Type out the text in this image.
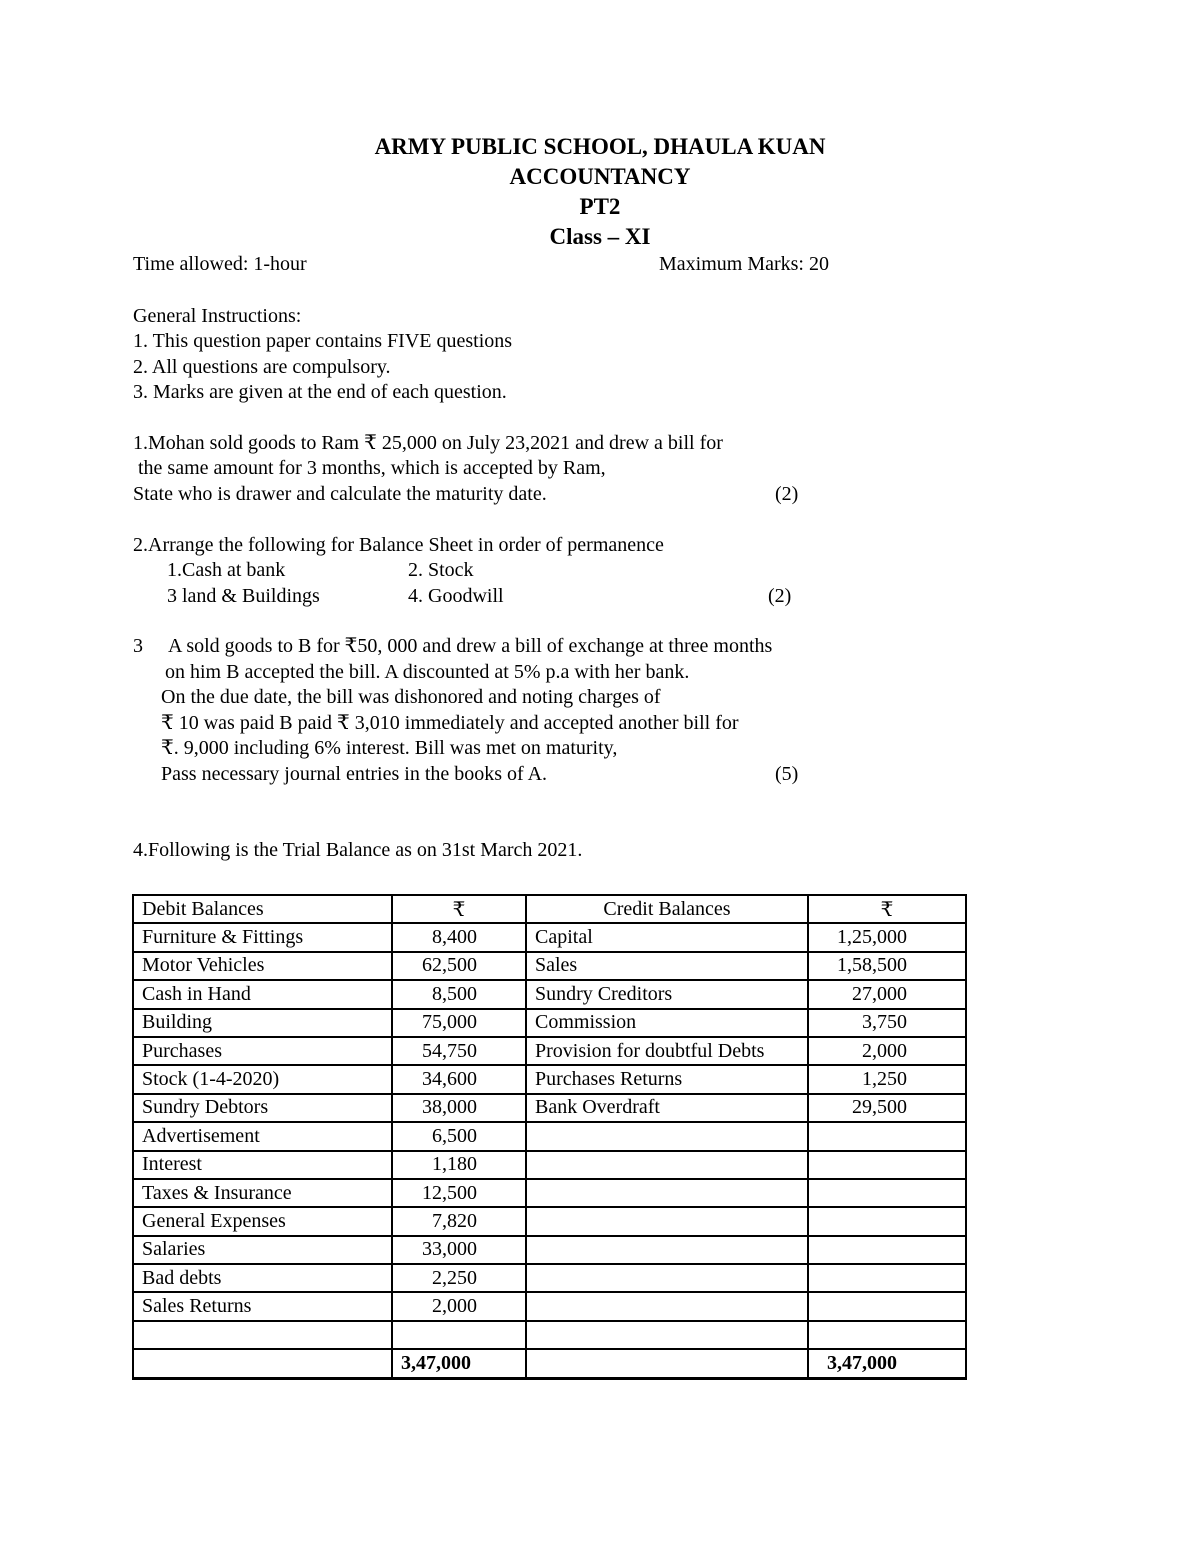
ARMY PUBLIC SCHOOL, DHAULA KUAN
ACCOUNTANCY
PT2
Class – XI
Time allowed: 1-hour	Maximum Marks: 20
General Instructions:
1. This question paper contains FIVE questions
2. All questions are compulsory.
3. Marks are given at the end of each question.
1.Mohan sold goods to Ram ₹ 25,000 on July 23,2021 and drew a bill for
the same amount for 3 months, which is accepted by Ram,
State who is drawer and calculate the maturity date.	(2)
2.Arrange the following for Balance Sheet in order of permanence
1.Cash at bank	2. Stock
3 land & Buildings	4. Goodwill	(2)
3 A sold goods to B for ₹50, 000 and drew a bill of exchange at three months
on him B accepted the bill. A discounted at 5% p.a with her bank.
On the due date, the bill was dishonored and noting charges of
₹ 10 was paid B paid ₹ 3,010 immediately and accepted another bill for
₹. 9,000 including 6% interest. Bill was met on maturity,
Pass necessary journal entries in the books of A.	(5)
4.Following is the Trial Balance as on 31st March 2021.
Debit Balances	₹	Credit Balances	₹
Furniture & Fittings	8,400	Capital	1,25,000
Motor Vehicles	62,500	Sales	1,58,500
Cash in Hand	8,500	Sundry Creditors	27,000
Building	75,000	Commission	3,750
Purchases	54,750	Provision for doubtful Debts	2,000
Stock (1-4-2020)	34,600	Purchases Returns	1,250
Sundry Debtors	38,000	Bank Overdraft	29,500
Advertisement	6,500		
Interest	1,180		
Taxes & Insurance	12,500		
General Expenses	7,820		
Salaries	33,000		
Bad debts	2,250		
Sales Returns	2,000		

	3,47,000		3,47,000
